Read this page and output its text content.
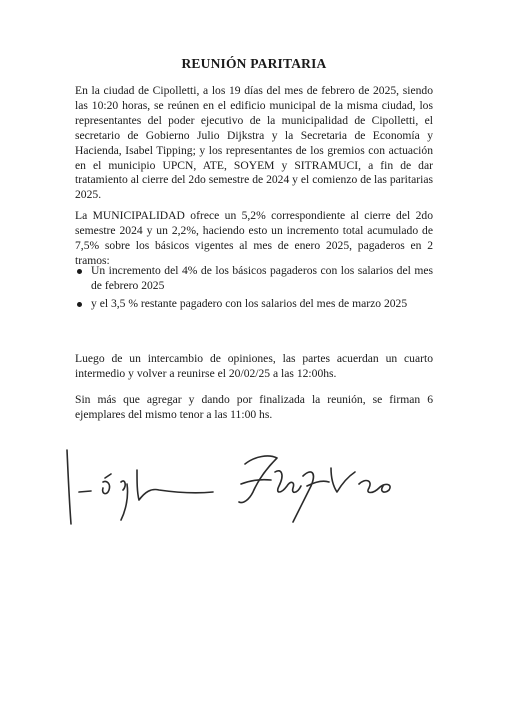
REUNIÓN PARITARIA

En la ciudad de Cipolletti, a los 19 días del mes de febrero de 2025, siendo las 10:20 horas, se reúnen en el edificio municipal de la misma ciudad, los representantes del poder ejecutivo de la municipalidad de Cipolletti, el secretario de Gobierno Julio Dijkstra y la Secretaria de Economía y Hacienda, Isabel Tipping; y los representantes de los gremios con actuación en el municipio UPCN, ATE, SOYEM y SITRAMUCI, a fin de dar tratamiento al cierre del 2do semestre de 2024 y el comienzo de las paritarias 2025.

La MUNICIPALIDAD ofrece un 5,2% correspondiente al cierre del 2do semestre 2024 y un 2,2%, haciendo esto un incremento total acumulado de 7,5% sobre los básicos vigentes al mes de enero 2025, pagaderos en 2 tramos:

Un incremento del 4% de los básicos pagaderos con los salarios del mes de febrero 2025
y el 3,5 % restante pagadero con los salarios del mes de marzo 2025

Luego de un intercambio de opiniones, las partes acuerdan un cuarto intermedio y volver a reunirse el 20/02/25 a las 12:00hs.

Sin más que agregar y dando por finalizada la reunión, se firman 6 ejemplares del mismo tenor a las 11:00 hs.
